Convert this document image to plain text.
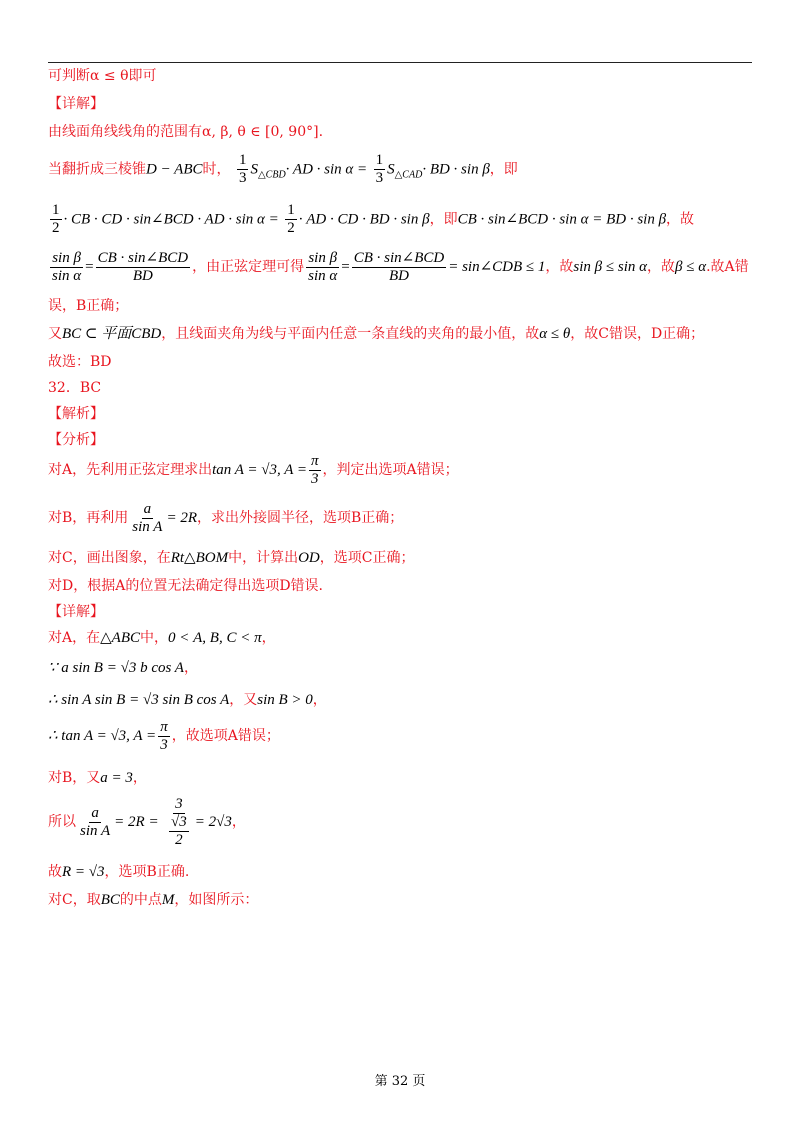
可判断α ≤ θ即可
【详解】
由线面角线线角的范围有α, β, θ ∈ [0, 90°].
当翻折成三棱锥D − ABC时， $\frac{1}{3} S_{\triangle CBD}\cdot$ AD · $\sin \alpha = \frac{1}{3} S_{\triangle CAD}\cdot$ BD · sin β，即
$\frac{1}{2}$ · CB · CD · sin∠BCD · AD · $\sin \alpha = \frac{1}{2}$ · AD · CD · BD · sin β，即CB · sin∠BCD · sin α = BD · sin β，故
$\frac{\text{sin β}}{\text{sin α}} = \frac{\text{CB · sin∠BCD}}{BD}$ ，由正弦定理可得 $\frac{\text{sin β}}{\text{sin α}} = \frac{\text{CB · sin∠BCD}}{BD}$ = sin∠CDB ≤ 1，故sin β ≤ sin α，故β ≤ α.故A错
误，B正确；
又BC ⊂ 平面CBD，且线面夹角为线与平面内任意一条直线的夹角的最小值，故α ≤ θ，故C错误，D正确；
故选：BD
32．BC
【解析】
【分析】
对A，先利用正弦定理求出tan A = √3, $A = \frac{\pi}{3}$ ，判定出选项A错误；
对B，再利用 $\frac{a}{\text{sin A}} = 2R$，求出外接圆半径，选项B正确；
对C，画出图象，在Rt△BOM中，计算出OD，选项C正确；
对D，根据A的位置无法确定得出选项D错误.
【详解】
对A，在△ABC中，0 < A, B, C < π，
∵ a sin B = √3 b cos A，
∴ sin A sin B = √3 sin B cos A，又sin B > 0，
∴ tan A = √3, $A = \frac{\pi}{3}$ ，故选项A错误；
对B，又a = 3，
所以 $\frac{a}{\text{sin A}} = 2R = \frac{3}{\frac{√3}{2}} = 2√3$，
故R = √3，选项B正确.
对C，取BC的中点M，如图所示：
第 32 页
